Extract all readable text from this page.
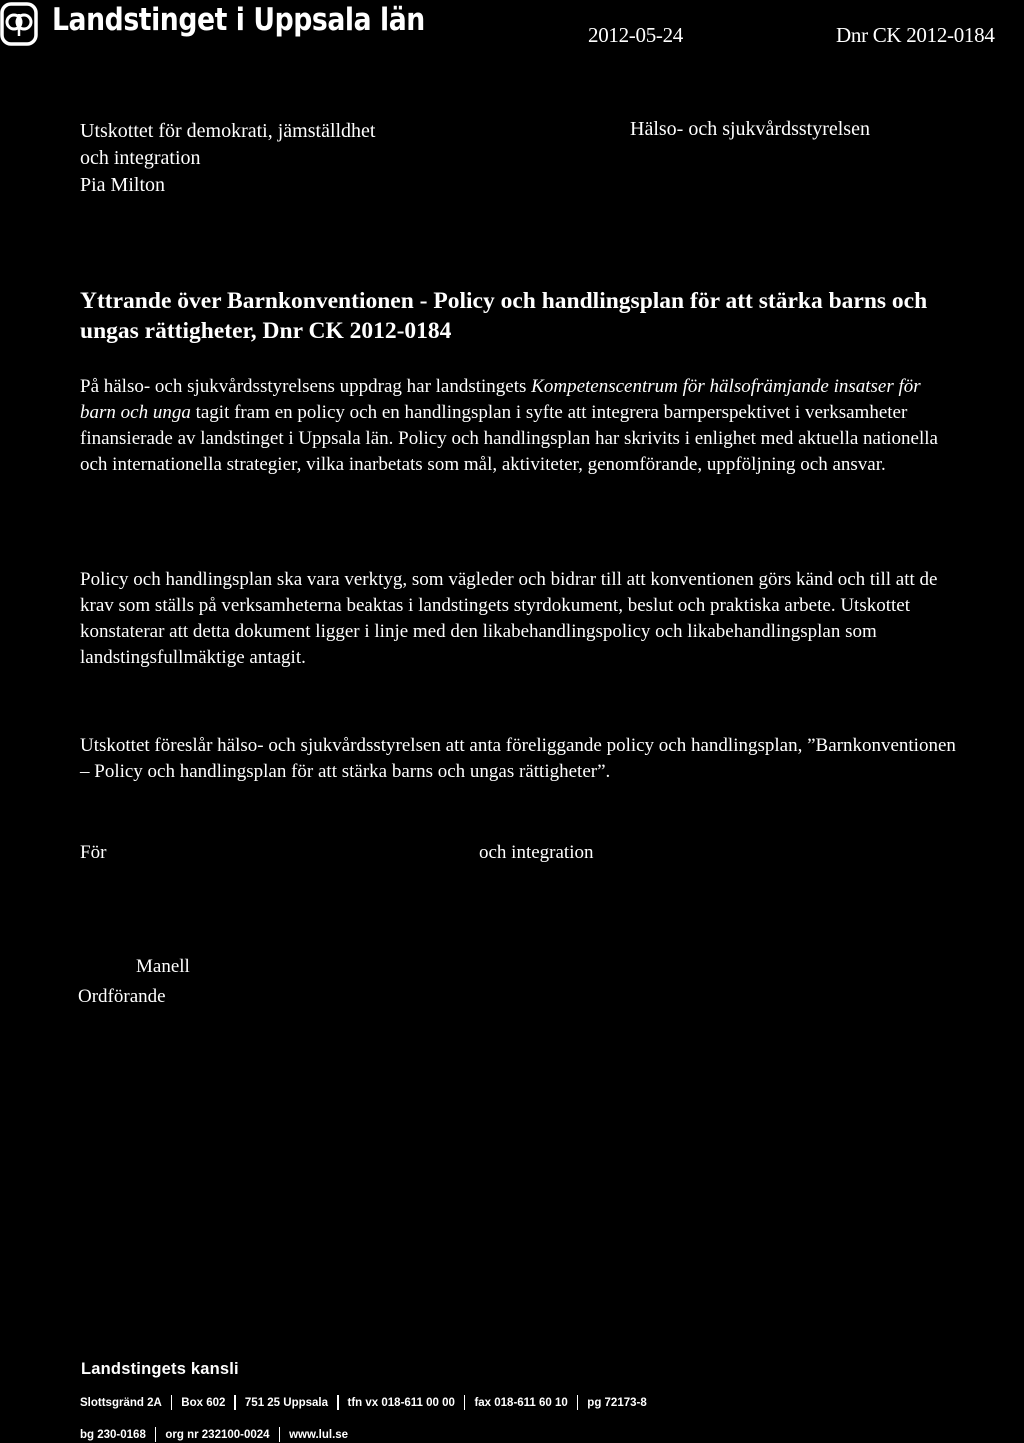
Landstinget i Uppsala län	2012-05-24	Dnr CK 2012-0184
Utskottet för demokrati, jämställdhet
och integration
Pia Milton
Hälso- och sjukvårdsstyrelsen
Yttrande över Barnkonventionen - Policy och handlingsplan för att stärka barns och ungas rättigheter, Dnr CK 2012-0184
På hälso- och sjukvårdsstyrelsens uppdrag har landstingets Kompetenscentrum för hälsofrämjande insatser för barn och unga tagit fram en policy och en handlingsplan i syfte att integrera barnperspektivet i verksamheter finansierade av landstinget i Uppsala län. Policy och handlingsplan har skrivits i enlighet med aktuella nationella och internationella strategier, vilka inarbetats som mål, aktiviteter, genomförande, uppföljning och ansvar.
Policy och handlingsplan ska vara verktyg, som vägleder och bidrar till att konventionen görs känd och till att de krav som ställs på verksamheterna beaktas i landstingets styrdokument, beslut och praktiska arbete. Utskottet konstaterar att detta dokument ligger i linje med den likabehandlingspolicy och likabehandlingsplan som landstingsfullmäktige antagit.
Utskottet föreslår hälso- och sjukvårdsstyrelsen att anta föreliggande policy och handlingsplan, ”Barnkonventionen – Policy och handlingsplan för att stärka barns och ungas rättigheter”.
För	och integration
Manell
Ordförande
Landstingets kansli
Slottsgränd 2A Box 602 751 25 Uppsala tfn vx 018-611 00 00 fax 018-611 60 10 pg 72173-8
bg 230-0168 org nr 232100-0024 www.lul.se
